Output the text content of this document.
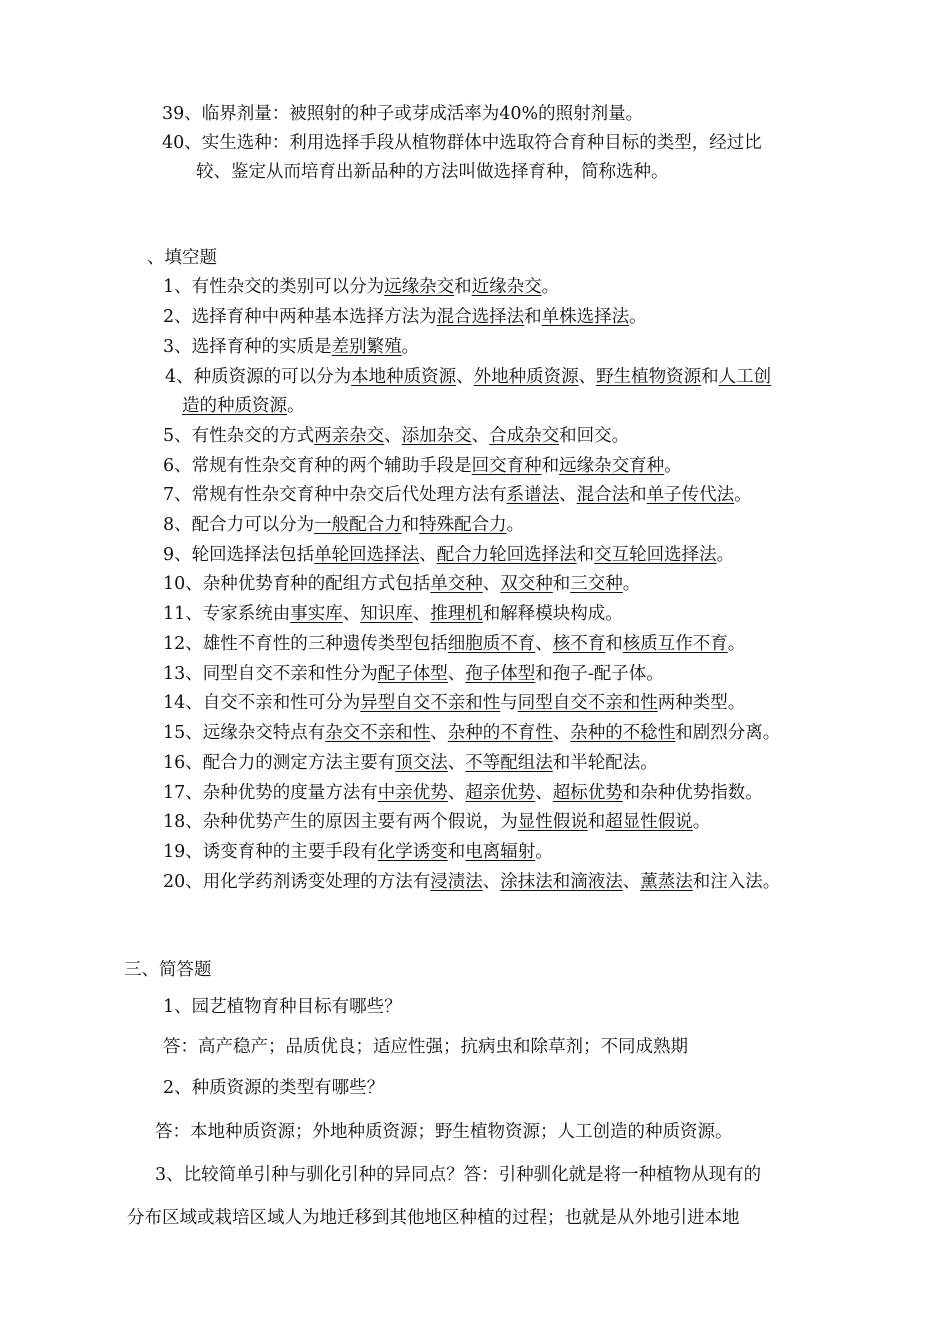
39、临界剂量：被照射的种子或芽成活率为40%的照射剂量。
40、实生选种：利用选择手段从植物群体中选取符合育种目标的类型，经过比
较、鉴定从而培育出新品种的方法叫做选择育种，简称选种。
、填空题
1、有性杂交的类别可以分为远缘杂交和近缘杂交。
2、选择育种中两种基本选择方法为混合选择法和单株选择法。
3、选择育种的实质是差别繁殖。
4、种质资源的可以分为本地种质资源、外地种质资源、野生植物资源和人工创
造的种质资源。
5、有性杂交的方式两亲杂交、添加杂交、合成杂交和回交。
6、常规有性杂交育种的两个辅助手段是回交育种和远缘杂交育种。
7、常规有性杂交育种中杂交后代处理方法有系谱法、混合法和单子传代法。
8、配合力可以分为一般配合力和特殊配合力。
9、轮回选择法包括单轮回选择法、配合力轮回选择法和交互轮回选择法。
10、杂种优势育种的配组方式包括单交种、双交种和三交种。
11、专家系统由事实库、知识库、推理机和解释模块构成。
12、雄性不育性的三种遗传类型包括细胞质不育、核不育和核质互作不育。
13、同型自交不亲和性分为配子体型、孢子体型和孢子-配子体。
14、自交不亲和性可分为异型自交不亲和性与同型自交不亲和性两种类型。
15、远缘杂交特点有杂交不亲和性、杂种的不育性、杂种的不稔性和剧烈分离。
16、配合力的测定方法主要有顶交法、不等配组法和半轮配法。
17、杂种优势的度量方法有中亲优势、超亲优势、超标优势和杂种优势指数。
18、杂种优势产生的原因主要有两个假说，为显性假说和超显性假说。
19、诱变育种的主要手段有化学诱变和电离辐射。
20、用化学药剂诱变处理的方法有浸渍法、涂抹法和滴液法、薰蒸法和注入法。
三、简答题
1、园艺植物育种目标有哪些？
答：高产稳产；品质优良；适应性强；抗病虫和除草剂；不同成熟期
2、种质资源的类型有哪些？
答：本地种质资源；外地种质资源；野生植物资源；人工创造的种质资源。
3、比较简单引种与驯化引种的异同点？答：引种驯化就是将一种植物从现有的
分布区域或栽培区域人为地迁移到其他地区种植的过程；也就是从外地引进本地
